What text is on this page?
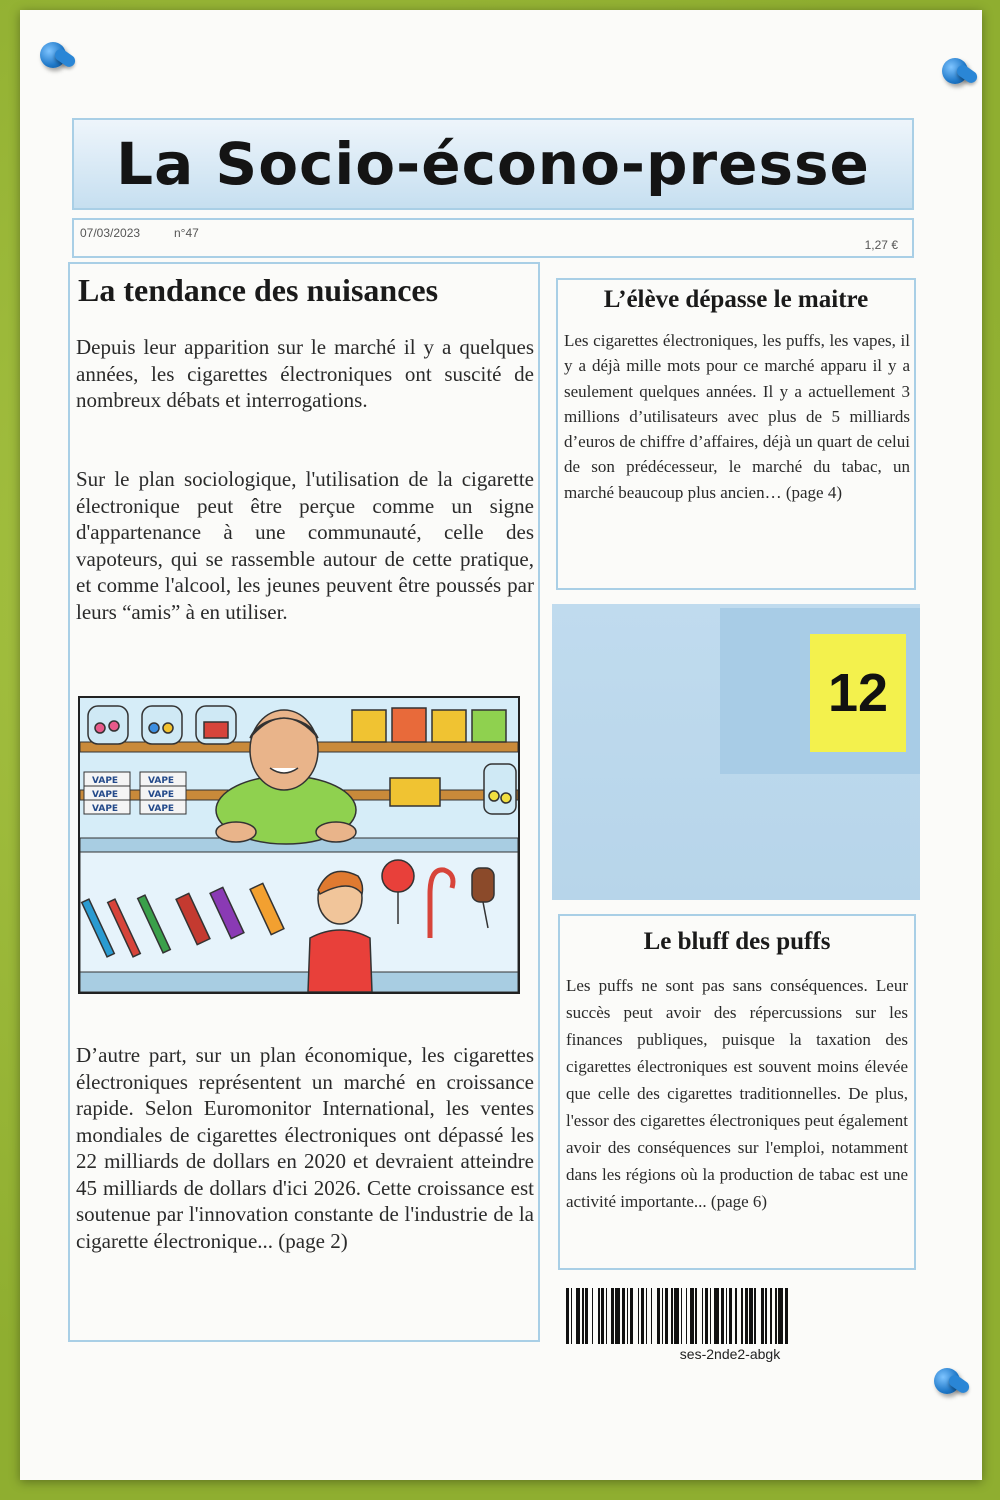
La Socio-écono-presse
07/03/2023	n°47
1,27 €
La tendance des nuisances

Depuis leur apparition sur le marché il y a quelques années, les cigarettes électroniques ont suscité de nombreux débats et interrogations.

Sur le plan sociologique, l'utilisation de la cigarette électronique peut être perçue comme un signe d'appartenance à une communauté, celle des vapoteurs, qui se rassemble autour de cette pratique, et comme l'alcool, les jeunes peuvent être poussés par leurs “amis” à en utiliser.

VAPE
VAPE
VAPE
VAPE
VAPE
VAPE

D’autre part, sur un plan économique, les cigarettes électroniques représentent un marché en croissance rapide. Selon Euromonitor International, les ventes mondiales de cigarettes électroniques ont dépassé les 22 milliards de dollars en 2020 et devraient atteindre 45 milliards de dollars d'ici 2026. Cette croissance est soutenue par l'innovation constante de l'industrie de la cigarette électronique... (page 2)

L’élève dépasse le maitre

Les cigarettes électroniques, les puffs, les vapes, il y a déjà mille mots pour ce marché apparu il y a seulement quelques années. Il y a actuellement 3 millions d’utilisateurs avec plus de 5 milliards d’euros de chiffre d’affaires, déjà un quart de celui de son prédécesseur, le marché du tabac, un marché beaucoup plus ancien… (page 4)

12
Le bluff des puffs

Les puffs ne sont pas sans conséquences. Leur succès peut avoir des répercussions sur les finances publiques, puisque la taxation des cigarettes électroniques est souvent moins élevée que celle des cigarettes traditionnelles. De plus, l'essor des cigarettes électroniques peut également avoir des conséquences sur l'emploi, notamment dans les régions où la production de tabac est une activité importante... (page 6)

ses-2nde2-abgk
